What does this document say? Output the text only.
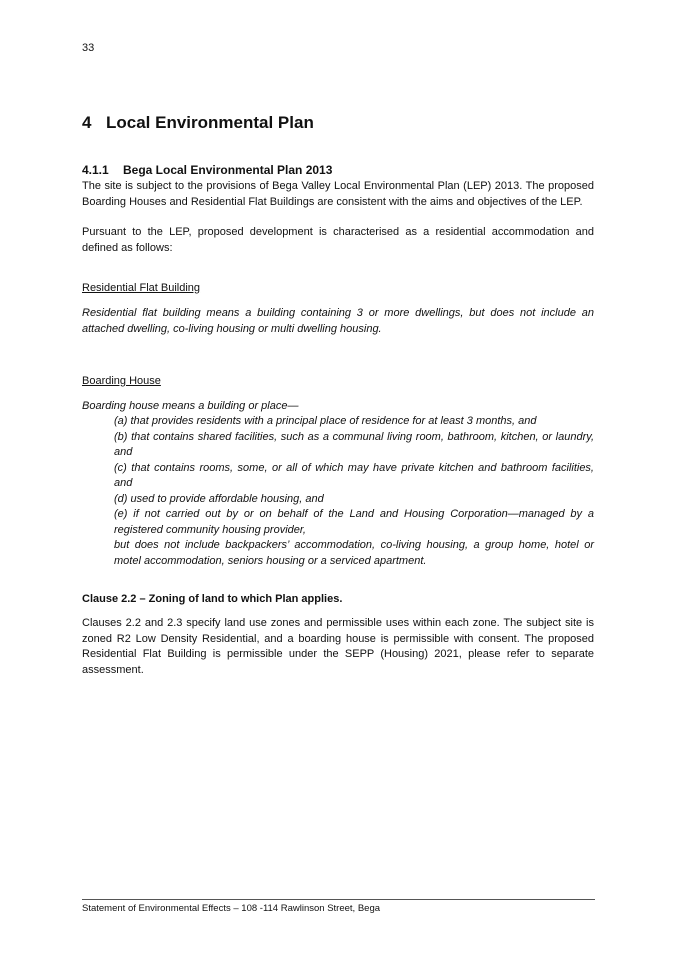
33
4 Local Environmental Plan
4.1.1 Bega Local Environmental Plan 2013
The site is subject to the provisions of Bega Valley Local Environmental Plan (LEP) 2013. The proposed Boarding Houses and Residential Flat Buildings are consistent with the aims and objectives of the LEP.
Pursuant to the LEP, proposed development is characterised as a residential accommodation and defined as follows:
Residential Flat Building
Residential flat building means a building containing 3 or more dwellings, but does not include an attached dwelling, co-living housing or multi dwelling housing.
Boarding House
Boarding house means a building or place—
(a) that provides residents with a principal place of residence for at least 3 months, and
(b) that contains shared facilities, such as a communal living room, bathroom, kitchen, or laundry, and
(c) that contains rooms, some, or all of which may have private kitchen and bathroom facilities, and
(d) used to provide affordable housing, and
(e) if not carried out by or on behalf of the Land and Housing Corporation—managed by a registered community housing provider,
but does not include backpackers’ accommodation, co-living housing, a group home, hotel or motel accommodation, seniors housing or a serviced apartment.
Clause 2.2 – Zoning of land to which Plan applies.
Clauses 2.2 and 2.3 specify land use zones and permissible uses within each zone. The subject site is zoned R2 Low Density Residential, and a boarding house is permissible with consent. The proposed Residential Flat Building is permissible under the SEPP (Housing) 2021, please refer to separate assessment.
Statement of Environmental Effects – 108 -114 Rawlinson Street, Bega
